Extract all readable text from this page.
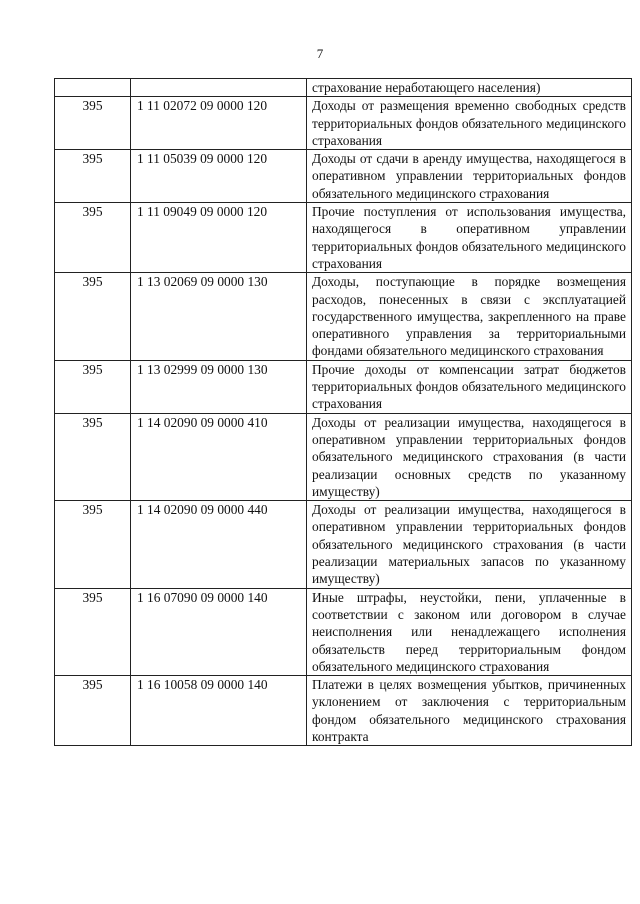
7
		страхование неработающего населения)
395	1 11 02072 09 0000 120	Доходы от размещения временно свободных средств территориальных фондов обязательного медицинского страхования
395	1 11 05039 09 0000 120	Доходы от сдачи в аренду имущества, находящегося в оперативном управлении территориальных фондов обязательного медицинского страхования
395	1 11 09049 09 0000 120	Прочие поступления от использования имущества, находящегося в оперативном управлении территориальных фондов обязательного медицинского страхования
395	1 13 02069 09 0000 130	Доходы, поступающие в порядке возмещения расходов, понесенных в связи с эксплуатацией государственного имущества, закрепленного на праве оперативного управления за территориальными фондами обязательного медицинского страхования
395	1 13 02999 09 0000 130	Прочие доходы от компенсации затрат бюджетов территориальных фондов обязательного медицинского страхования
395	1 14 02090 09 0000 410	Доходы от реализации имущества, находящегося в оперативном управлении территориальных фондов обязательного медицинского страхования (в части реализации основных средств по указанному имуществу)
395	1 14 02090 09 0000 440	Доходы от реализации имущества, находящегося в оперативном управлении территориальных фондов обязательного медицинского страхования (в части реализации материальных запасов по указанному имуществу)
395	1 16 07090 09 0000 140	Иные штрафы, неустойки, пени, уплаченные в соответствии с законом или договором в случае неисполнения или ненадлежащего исполнения обязательств перед территориальным фондом обязательного медицинского страхования
395	1 16 10058 09 0000 140	Платежи в целях возмещения убытков, причиненных уклонением от заключения с территориальным фондом обязательного медицинского страхования контракта
